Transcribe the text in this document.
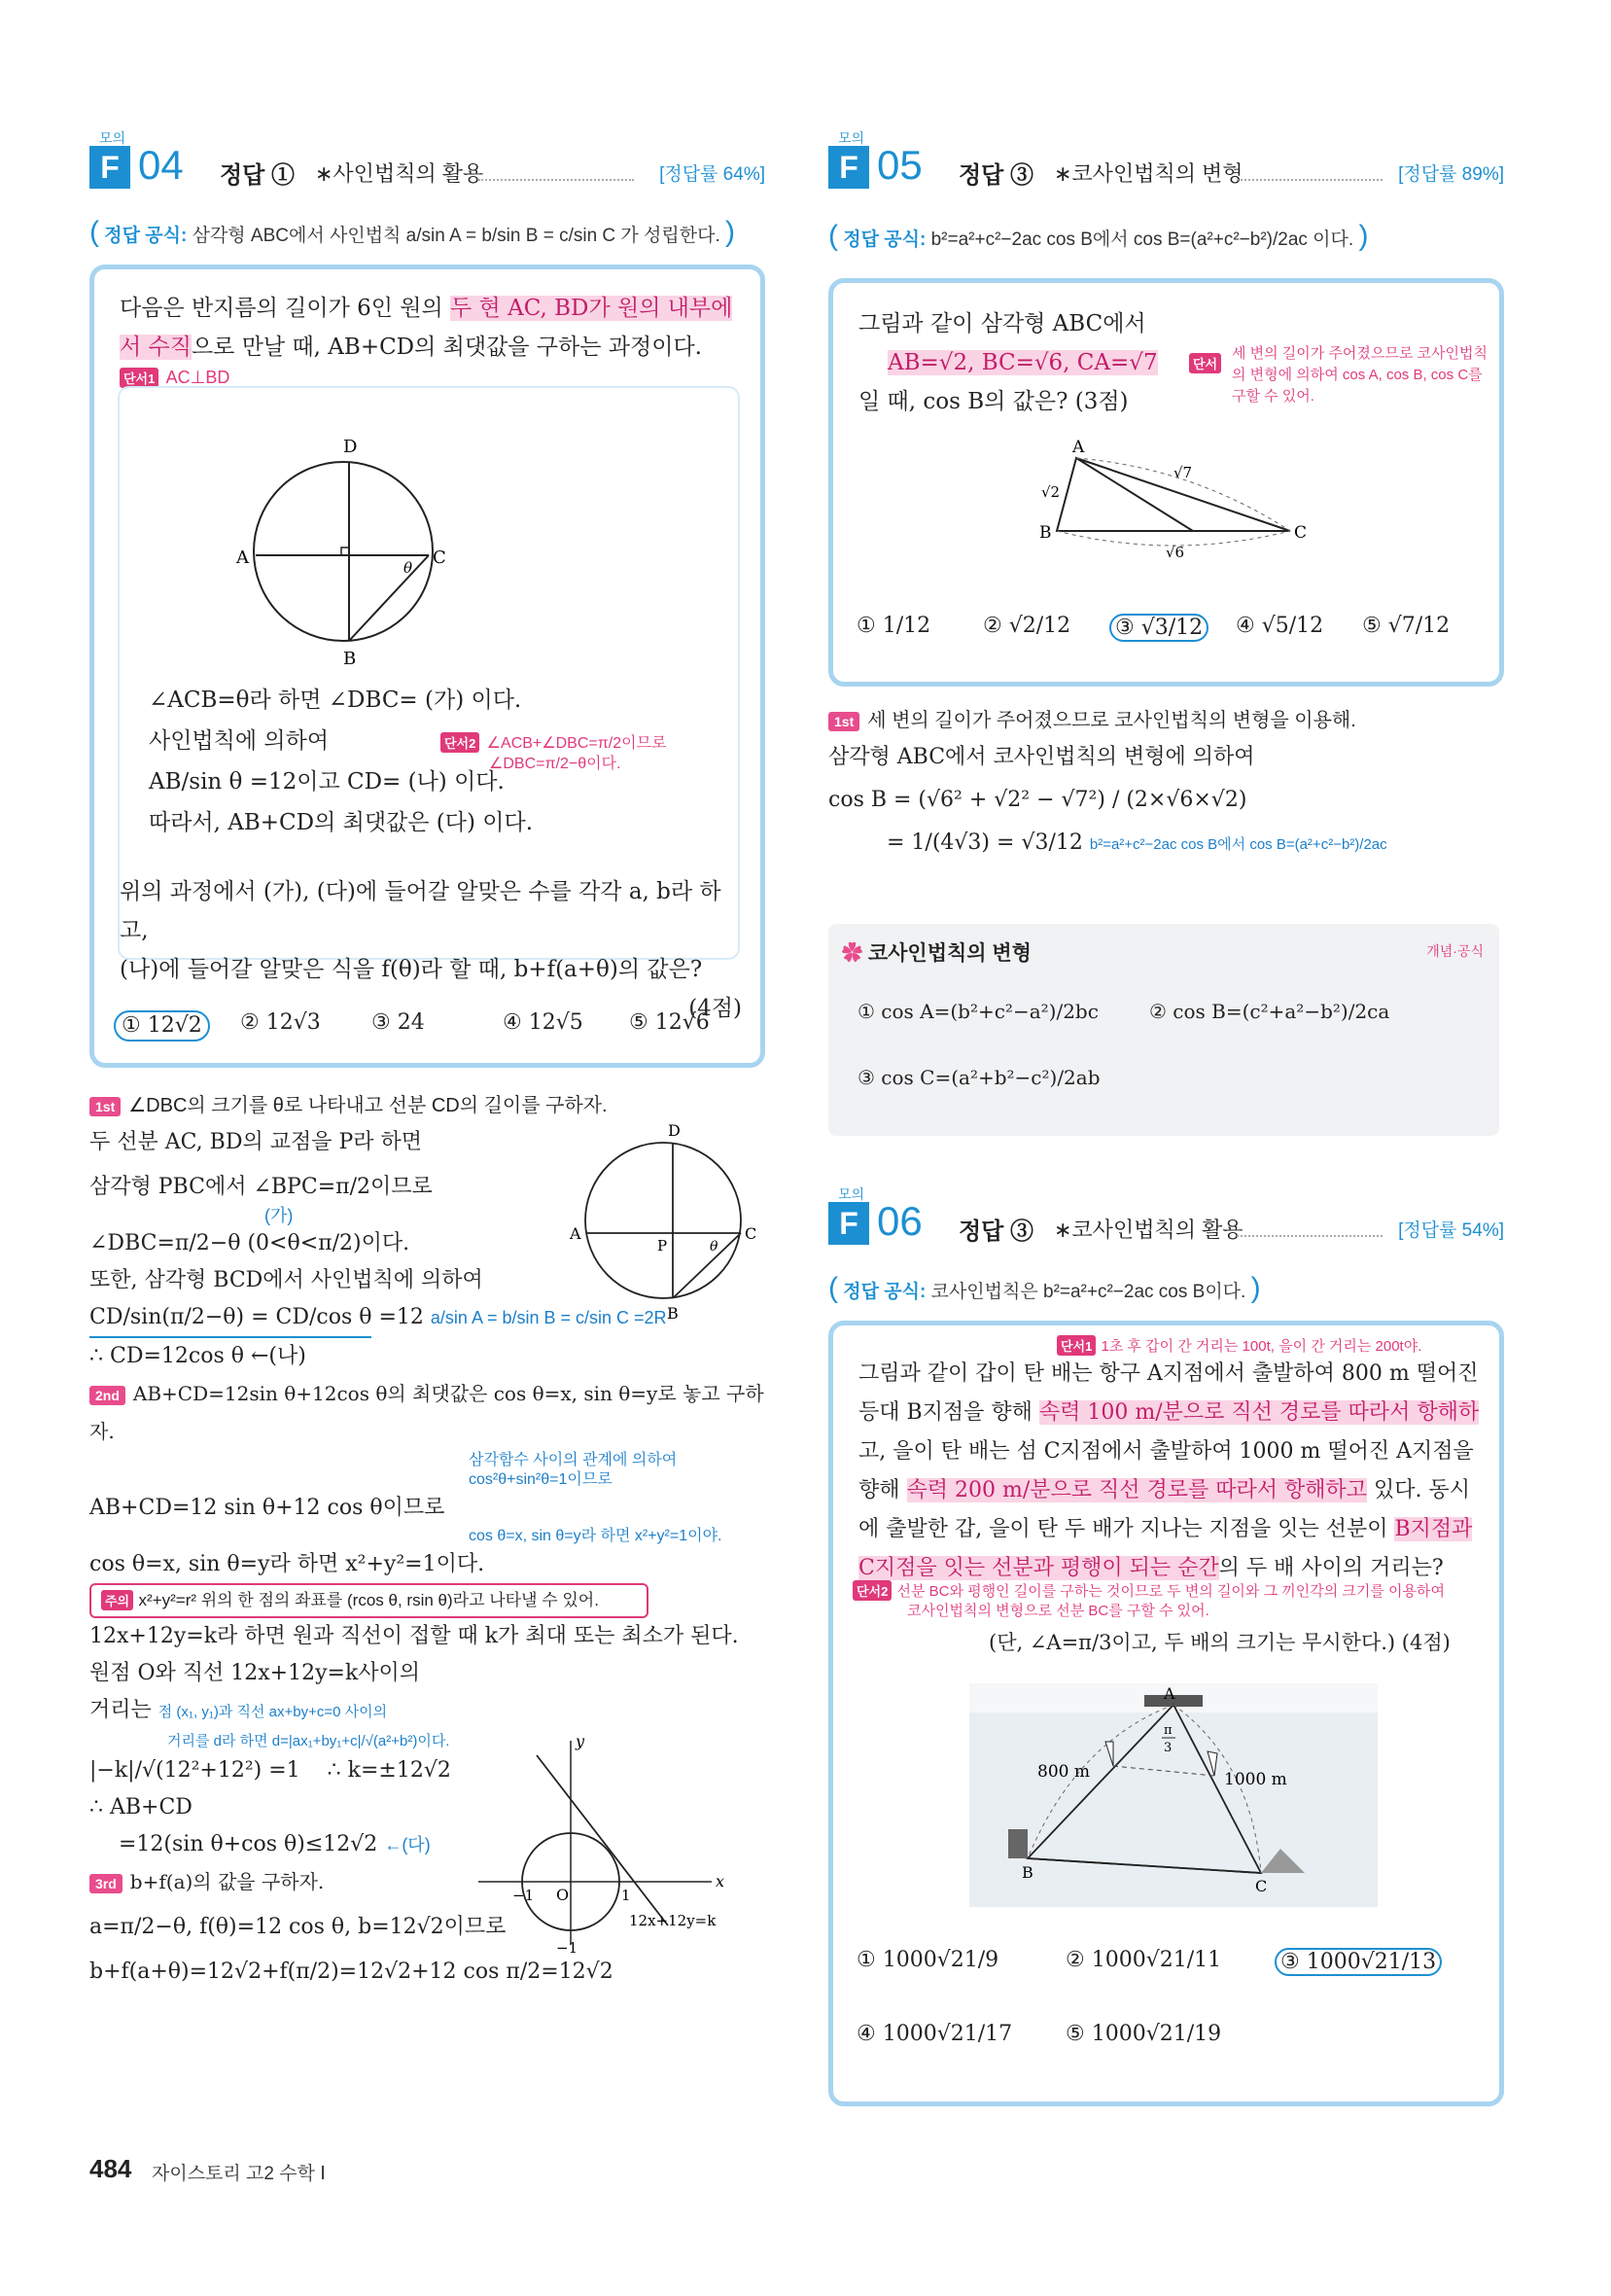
모의
F 04 정답 ① ∗사인법칙의 활용	[정답률 64%]
( 정답 공식: 삼각형 ABC에서 사인법칙 a/sin A = b/sin B = c/sin C 가 성립한다. )
다음은 반지름의 길이가 6인 원의 두 현 AC, BD가 원의 내부에
서 수직으로 만날 때, AB+CD의 최댓값을 구하는 과정이다.
단서1 AC⊥BD
D
A	C
B
θ
∠ACB=θ라 하면 ∠DBC= (가) 이다.
사인법칙에 의하여	단서2 ∠ACB+∠DBC=π/2이므로
AB/sin θ =12이고 CD= (나) 이다.
∠DBC=π/2−θ이다.
따라서, AB+CD의 최댓값은 (다) 이다.
위의 과정에서 (가), (다)에 들어갈 알맞은 수를 각각 a, b라 하고,
(나)에 들어갈 알맞은 식을 f(θ)라 할 때, b+f(a+θ)의 값은?
(4점)
① 12√2	② 12√3 ③ 24	④ 12√5 ⑤ 12√6
1st ∠DBC의 크기를 θ로 나타내고 선분 CD의 길이를 구하자.
두 선분 AC, BD의 교점을 P라 하면
삼각형 PBC에서 ∠BPC=π/2이므로
(가)
∠DBC=π/2−θ (0<θ<π/2)이다.
또한, 삼각형 BCD에서 사인법칙에 의하여
CD/sin(π/2−θ) = CD/cos θ =12 a/sin A = b/sin B = c/sin C =2R
∴ CD=12cos θ ←(나)
2nd AB+CD=12sin θ+12cos θ의 최댓값은 cos θ=x, sin θ=y로 놓고 구하자.
삼각함수 사이의 관계에 의하여
cos²θ+sin²θ=1이므로
AB+CD=12 sin θ+12 cos θ이므로
cos θ=x, sin θ=y라 하면 x²+y²=1이야.
cos θ=x, sin θ=y라 하면 x²+y²=1이다.
주의 x²+y²=r² 위의 한 점의 좌표를 (rcos θ, rsin θ)라고 나타낼 수 있어.
12x+12y=k라 하면 원과 직선이 접할 때 k가 최대 또는 최소가 된다.
원점 O와 직선 12x+12y=k사이의
거리는 점 (x₁, y₁)과 직선 ax+by+c=0 사이의
거리를 d라 하면 d=|ax₁+by₁+c|/√(a²+b²)이다.
|−k|/√(12²+12²) =1 ∴ k=±12√2
∴ AB+CD
=12(sin θ+cos θ)≤12√2 ←(다)
3rd b+f(a)의 값을 구하자.
a=π/2−θ, f(θ)=12 cos θ, b=12√2이므로
b+f(a+θ)=12√2+f(π/2)=12√2+12 cos π/2=12√2
D
A	C
B
P	θ
x
y
O
−1	1
−1
12x+12y=k
484 자이스토리 고2 수학 Ⅰ
모의
F 05 정답 ③ ∗코사인법칙의 변형	[정답률 89%]
( 정답 공식: b²=a²+c²−2ac cos B에서 cos B=(a²+c²−b²)/2ac 이다. )
그림과 같이 삼각형 ABC에서
AB=√2, BC=√6, CA=√7	단서
일 때, cos B의 값은? (3점)
세 변의 길이가 주어졌으므로 코사인법칙의 변형에 의하여 cos A, cos B, cos C를 구할 수 있어.
A
B	C
√2
√7
√6
① 1/12 ② √2/12 ③ √3/12 ④ √5/12 ⑤ √7/12
1st 세 변의 길이가 주어졌으므로 코사인법칙의 변형을 이용해.
삼각형 ABC에서 코사인법칙의 변형에 의하여
cos B = (√6² + √2² − √7²) / (2×√6×√2)
= 1/(4√3) = √3/12 b²=a²+c²−2ac cos B에서 cos B=(a²+c²−b²)/2ac
✿ 코사인법칙의 변형	개념·공식
① cos A=(b²+c²−a²)/2bc	② cos B=(c²+a²−b²)/2ca
③ cos C=(a²+b²−c²)/2ab
모의
F 06 정답 ③ ∗코사인법칙의 활용	[정답률 54%]
( 정답 공식: 코사인법칙은 b²=a²+c²−2ac cos B이다. )
단서1 1초 후 갑이 간 거리는 100t, 을이 간 거리는 200t야.
그림과 같이 갑이 탄 배는 항구 A지점에서 출발하여 800 m 떨어진
등대 B지점을 향해 속력 100 m/분으로 직선 경로를 따라서 항해하
고, 을이 탄 배는 섬 C지점에서 출발하여 1000 m 떨어진 A지점을
향해 속력 200 m/분으로 직선 경로를 따라서 항해하고 있다. 동시
에 출발한 갑, 을이 탄 두 배가 지나는 지점을 잇는 선분이 B지점과
C지점을 잇는 선분과 평행이 되는 순간의 두 배 사이의 거리는?
단서2 선분 BC와 평행인 길이를 구하는 것이므로 두 변의 길이와 그 끼인각의 크기를 이용하여
코사인법칙의 변형으로 선분 BC를 구할 수 있어.
(단, ∠A=π/3이고, 두 배의 크기는 무시한다.) (4점)
A
B
C
π
3
800 m	1000 m
① 1000√21/9	② 1000√21/11	③ 1000√21/13
④ 1000√21/17 ⑤ 1000√21/19
